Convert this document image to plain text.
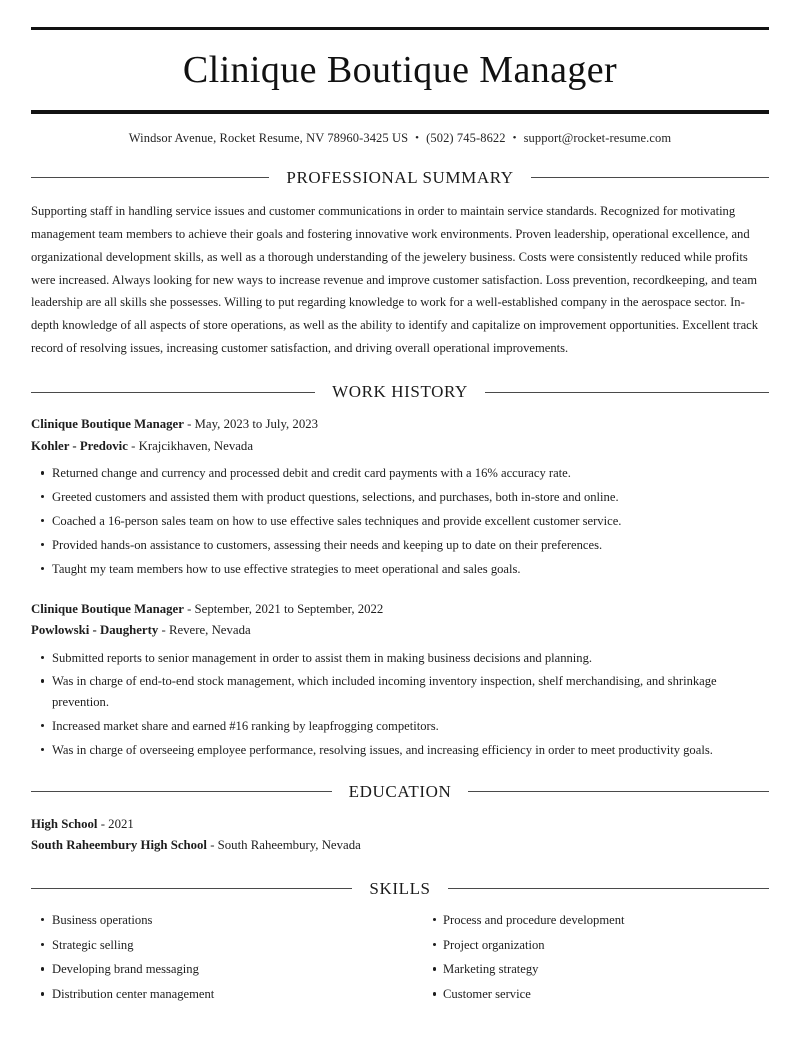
Clinique Boutique Manager
Windsor Avenue, Rocket Resume, NV 78960-3425 US • (502) 745-8622 • support@rocket-resume.com
PROFESSIONAL SUMMARY

Supporting staff in handling service issues and customer communications in order to maintain service standards. Recognized for motivating management team members to achieve their goals and fostering innovative work environments. Proven leadership, operational excellence, and organizational development skills, as well as a thorough understanding of the jewelery business. Costs were consistently reduced while profits were increased. Always looking for new ways to increase revenue and improve customer satisfaction. Loss prevention, recordkeeping, and team leadership are all skills she possesses. Willing to put regarding knowledge to work for a well-established company in the aerospace sector. In-depth knowledge of all aspects of store operations, as well as the ability to identify and capitalize on improvement opportunities. Excellent track record of resolving issues, increasing customer satisfaction, and driving overall operational improvements.

WORK HISTORY
Clinique Boutique Manager - May, 2023 to July, 2023
Kohler - Predovic - Krajcikhaven, Nevada
Returned change and currency and processed debit and credit card payments with a 16% accuracy rate.
Greeted customers and assisted them with product questions, selections, and purchases, both in-store and online.
Coached a 16-person sales team on how to use effective sales techniques and provide excellent customer service.
Provided hands-on assistance to customers, assessing their needs and keeping up to date on their preferences.
Taught my team members how to use effective strategies to meet operational and sales goals.
Clinique Boutique Manager - September, 2021 to September, 2022
Powlowski - Daugherty - Revere, Nevada
Submitted reports to senior management in order to assist them in making business decisions and planning.
Was in charge of end-to-end stock management, which included incoming inventory inspection, shelf merchandising, and shrinkage prevention.
Increased market share and earned #16 ranking by leapfrogging competitors.
Was in charge of overseeing employee performance, resolving issues, and increasing efficiency in order to meet productivity goals.
EDUCATION
High School - 2021
South Raheembury High School - South Raheembury, Nevada
SKILLS
Business operations
Strategic selling
Developing brand messaging
Distribution center management
Process and procedure development
Project organization
Marketing strategy
Customer service
